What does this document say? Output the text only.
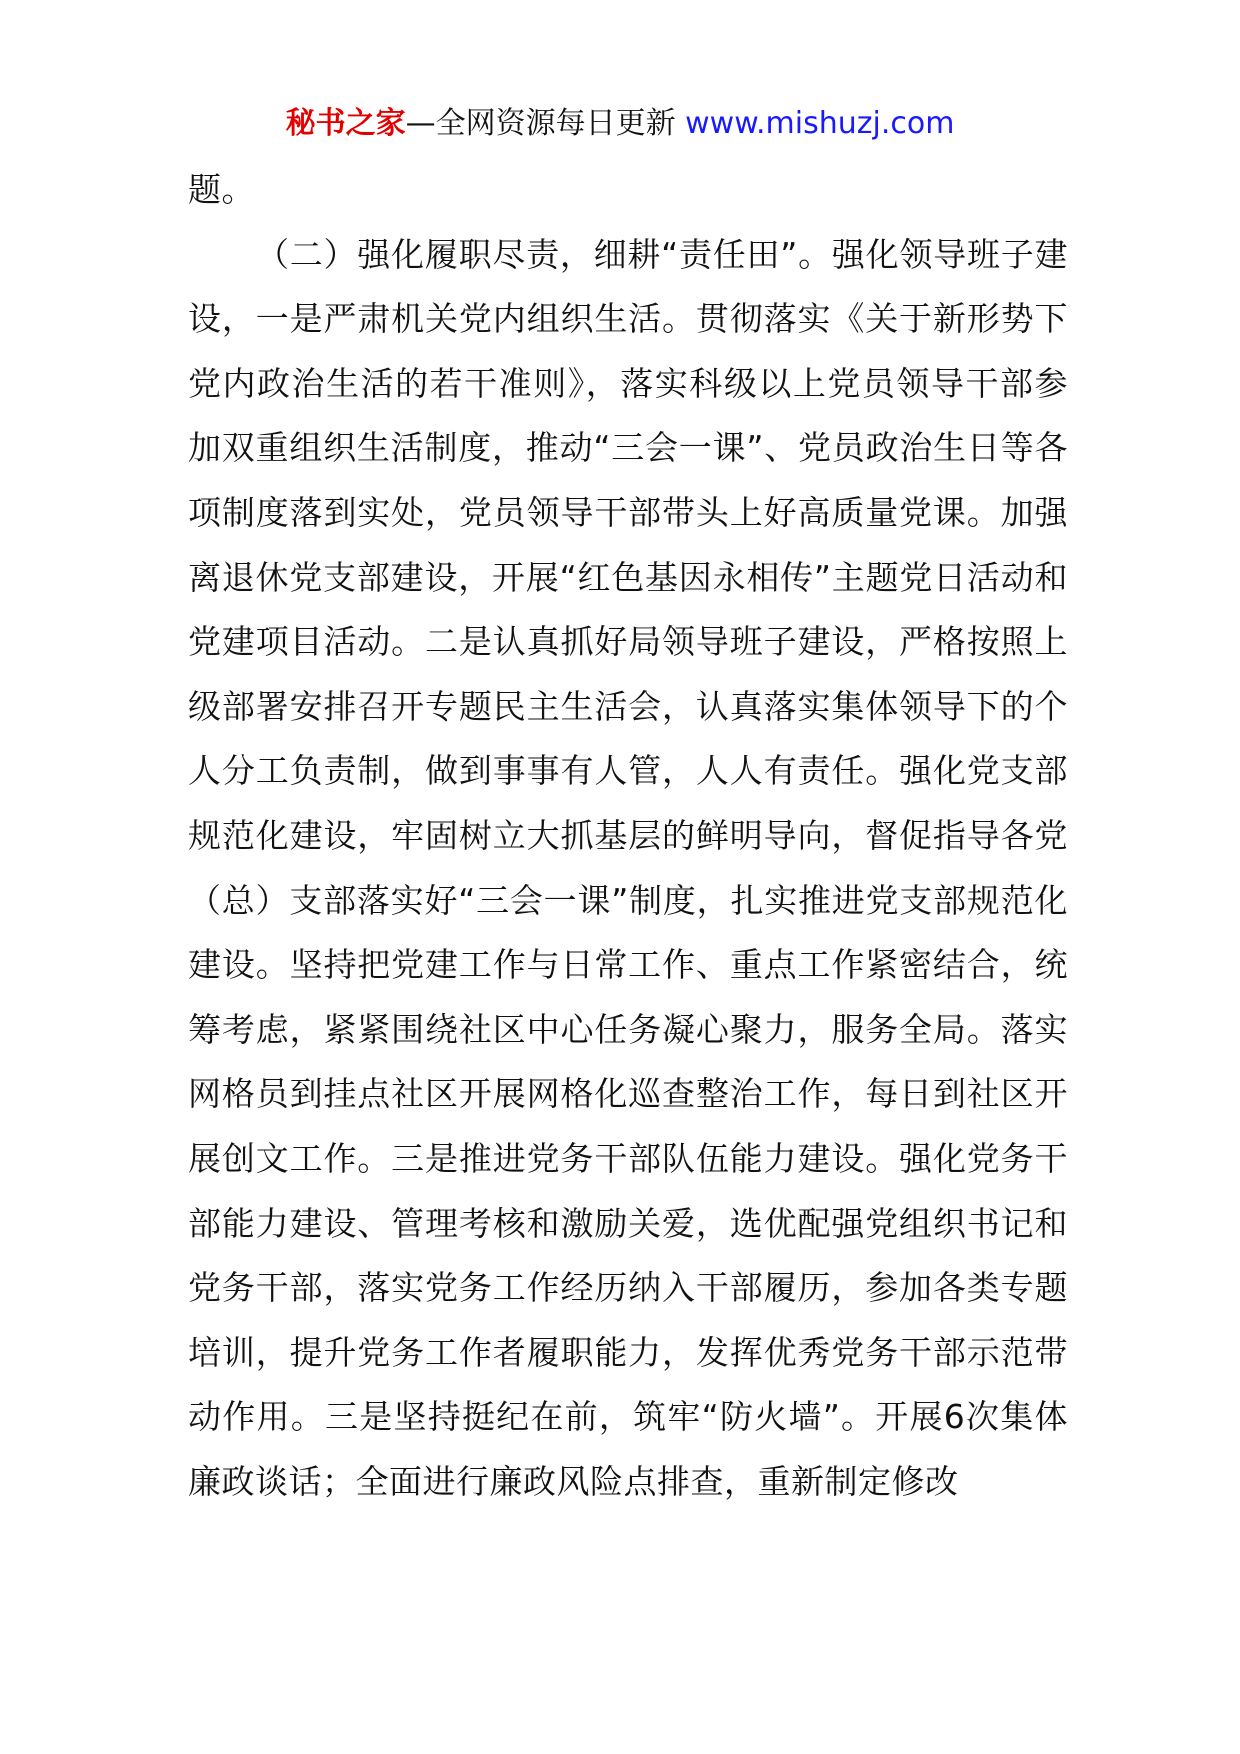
秘书之家—全网资源每日更新 www.mishuzj.com

题。

（二）强化履职尽责，细耕“责任田”。强化领导班子建设，一是严肃机关党内组织生活。贯彻落实《关于新形势下党内政治生活的若干准则》，落实科级以上党员领导干部参加双重组织生活制度，推动“三会一课”、党员政治生日等各项制度落到实处，党员领导干部带头上好高质量党课。加强离退休党支部建设，开展“红色基因永相传”主题党日活动和党建项目活动。二是认真抓好局领导班子建设，严格按照上级部署安排召开专题民主生活会，认真落实集体领导下的个人分工负责制，做到事事有人管，人人有责任。强化党支部规范化建设，牢固树立大抓基层的鲜明导向，督促指导各党（总）支部落实好“三会一课”制度，扎实推进党支部规范化建设。坚持把党建工作与日常工作、重点工作紧密结合，统筹考虑，紧紧围绕社区中心任务凝心聚力，服务全局。落实网格员到挂点社区开展网格化巡查整治工作，每日到社区开展创文工作。三是推进党务干部队伍能力建设。强化党务干部能力建设、管理考核和激励关爱，选优配强党组织书记和党务干部，落实党务工作经历纳入干部履历，参加各类专题培训，提升党务工作者履职能力，发挥优秀党务干部示范带动作用。三是坚持挺纪在前，筑牢“防火墙”。开展6次集体廉政谈话；全面进行廉政风险点排查，重新制定修改
